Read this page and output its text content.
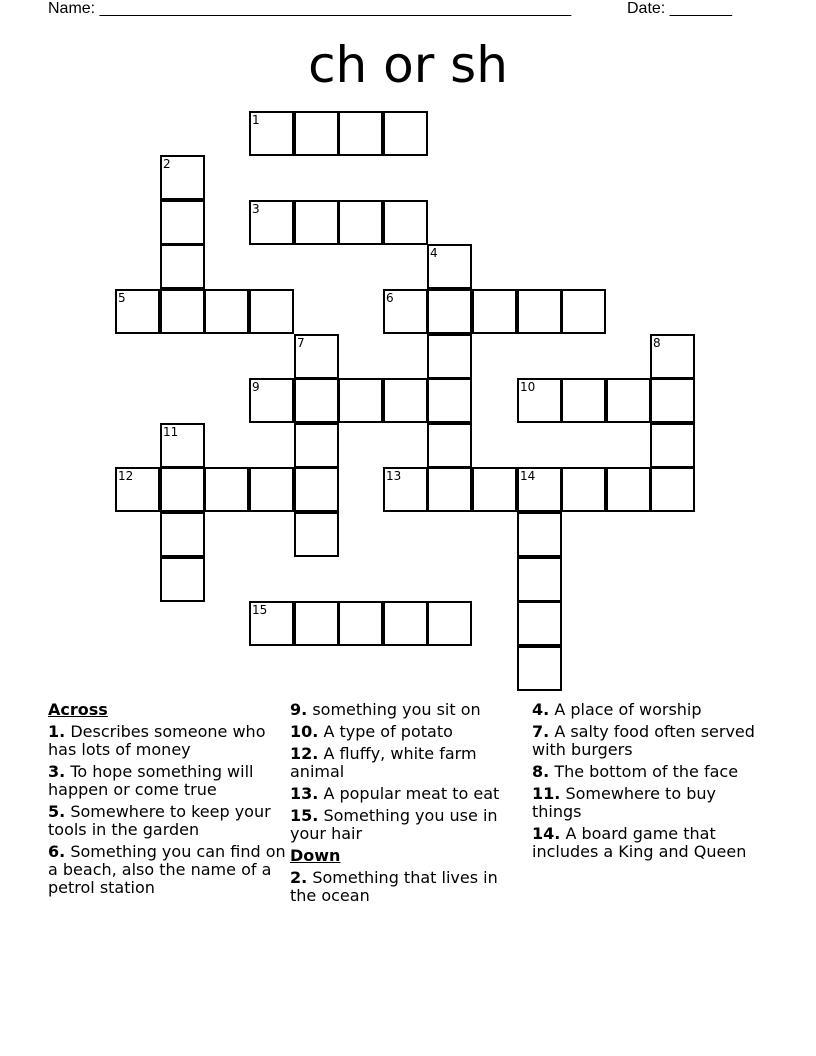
Name: _____________________________________________________	Date: _______
ch or sh
1
2
3
4
5	6
7	8
9	10
11
12	13	14
15
Across
1. Describes someone who has lots of money
3. To hope something will happen or come true
5. Somewhere to keep your tools in the garden
6. Something you can find on a beach, also the name of a petrol station
9. something you sit on
10. A type of potato
12. A fluffy, white farm animal
13. A popular meat to eat
15. Something you use in your hair
Down
2. Something that lives in the ocean
4. A place of worship
7. A salty food often served with burgers
8. The bottom of the face
11. Somewhere to buy things
14. A board game that includes a King and Queen
